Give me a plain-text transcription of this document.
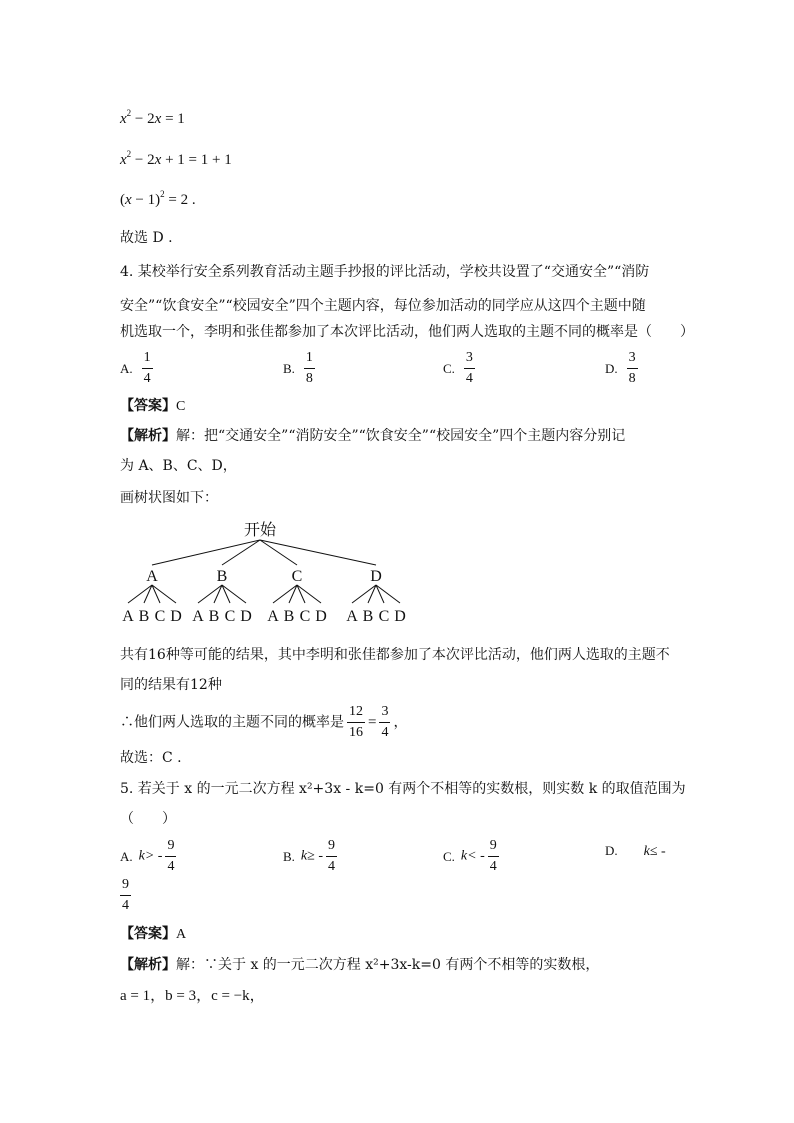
$x^2 - 2x = 1$
$x^2 - 2x + 1 = 1 + 1$
$(x - 1)^2 = 2$ .
故选 D .
4. 某校举行安全系列教育活动主题手抄报的评比活动，学校共设置了“交通安全”“消防
安全”“饮食安全”“校园安全”四个主题内容，每位参加活动的同学应从这四个主题中随
机选取一个，李明和张佳都参加了本次评比活动，他们两人选取的主题不同的概率是（　　）
A. $\frac{1}{4}$	B. $\frac{1}{8}$	C. $\frac{3}{4}$	D. $\frac{3}{8}$
【答案】C
【解析】解：把“交通安全”“消防安全”“饮食安全”“校园安全”四个主题内容分别记
为 A、B、C、D，
画树状图如下：
开始
A
A B C D
B
A B C D
C
A B C D
D
A B C D
共有16种等可能的结果，其中李明和张佳都参加了本次评比活动，他们两人选取的主题不
同的结果有12种
∴他们两人选取的主题不同的概率是 $\frac{12}{16} = \frac{3}{4}$ ，
故选：C .
5. 若关于 x 的一元二次方程 x²+3x - k=0 有两个不相等的实数根，则实数 k 的取值范围为
（　　）
A. $k> - \frac{9}{4}$	B. $k\ge - \frac{9}{4}$	C. $k< - \frac{9}{4}$	D. k≤ -
$\frac{9}{4}$
【答案】A
【解析】解：∵关于 x 的一元二次方程 x²+3x-k=0 有两个不相等的实数根，
a = 1，b = 3，c = −k，
